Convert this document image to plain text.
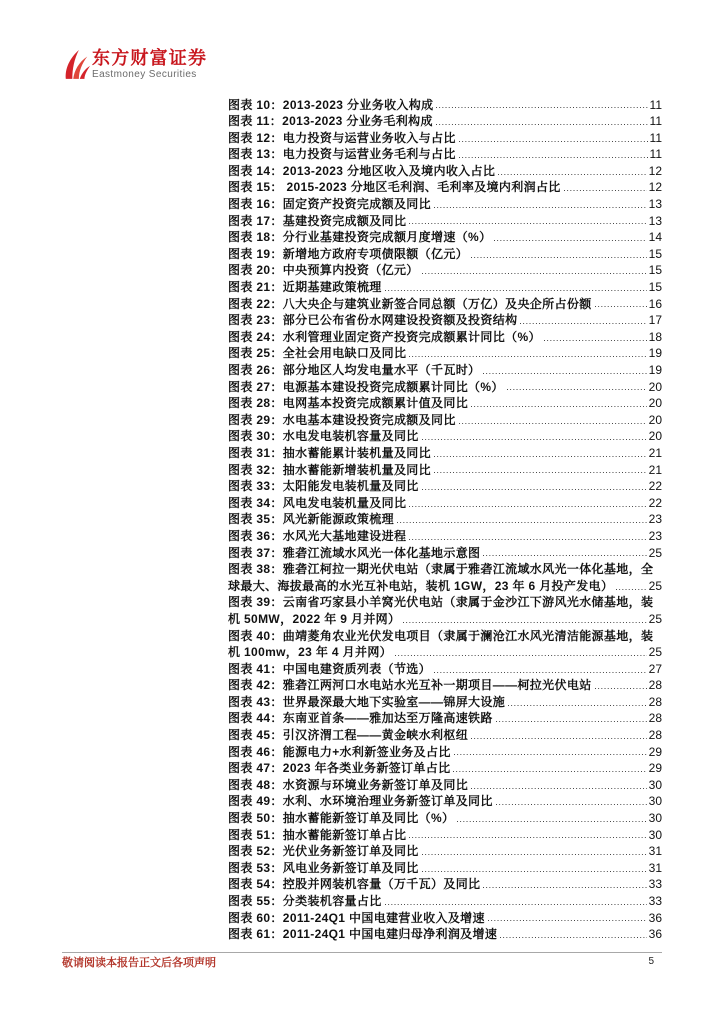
东方财富证券
Eastmoney Securities
图表 10： 2013-2023 分业务收入构成	11
图表 11： 2013-2023 分业务毛利构成	11
图表 12： 电力投资与运营业务收入与占比	11
图表 13： 电力投资与运营业务毛利与占比	11
图表 14： 2013-2023 分地区收入及境内收入占比	12
图表 15： 2015-2023 分地区毛利润、毛利率及境内利润占比	12
图表 16： 固定资产投资完成额及同比	13
图表 17： 基建投资完成额及同比	13
图表 18： 分行业基建投资完成额月度增速（%）	14
图表 19： 新增地方政府专项债限额（亿元）	15
图表 20： 中央预算内投资（亿元）	15
图表 21： 近期基建政策梳理	15
图表 22： 八大央企与建筑业新签合同总额（万亿）及央企所占份额	16
图表 23： 部分已公布省份水网建设投资额及投资结构	17
图表 24： 水利管理业固定资产投资完成额累计同比（%）	18
图表 25： 全社会用电缺口及同比	19
图表 26： 部分地区人均发电量水平（千瓦时）	19
图表 27： 电源基本建设投资完成额累计同比（%）	20
图表 28： 电网基本投资完成额累计值及同比	20
图表 29： 水电基本建设投资完成额及同比	20
图表 30： 水电发电装机容量及同比	20
图表 31： 抽水蓄能累计装机量及同比	21
图表 32： 抽水蓄能新增装机量及同比	21
图表 33： 太阳能发电装机量及同比	22
图表 34： 风电发电装机量及同比	22
图表 35： 风光新能源政策梳理	23
图表 36： 水风光大基地建设进程	23
图表 37： 雅砻江流域水风光一体化基地示意图	25
图表 38： 雅砻江柯拉一期光伏电站（隶属于雅砻江流域水风光一体化基地，全
球最大、海拔最高的水光互补电站，装机 1GW，23 年 6 月投产发电）	25
图表 39： 云南省巧家县小羊窝光伏电站（隶属于金沙江下游风光水储基地，装
机 50MW，2022 年 9 月并网）	25
图表 40： 曲靖菱角农业光伏发电项目（隶属于澜沧江水风光清洁能源基地，装
机 100mw，23 年 4 月并网）	25
图表 41： 中国电建资质列表（节选）	27
图表 42： 雅砻江两河口水电站水光互补一期项目——柯拉光伏电站	28
图表 43： 世界最深最大地下实验室——锦屏大设施	28
图表 44： 东南亚首条——雅加达至万隆高速铁路	28
图表 45： 引汉济渭工程——黄金峡水利枢纽	28
图表 46： 能源电力+水利新签业务及占比	29
图表 47： 2023 年各类业务新签订单占比	29
图表 48： 水资源与环境业务新签订单及同比	30
图表 49： 水利、水环境治理业务新签订单及同比	30
图表 50： 抽水蓄能新签订单及同比（%）	30
图表 51： 抽水蓄能新签订单占比	30
图表 52： 光伏业务新签订单及同比	31
图表 53： 风电业务新签订单及同比	31
图表 54： 控股并网装机容量（万千瓦）及同比	33
图表 55： 分类装机容量占比	33
图表 60： 2011-24Q1 中国电建营业收入及增速	36
图表 61： 2011-24Q1 中国电建归母净利润及增速	36
敬请阅读本报告正文后各项声明	5
